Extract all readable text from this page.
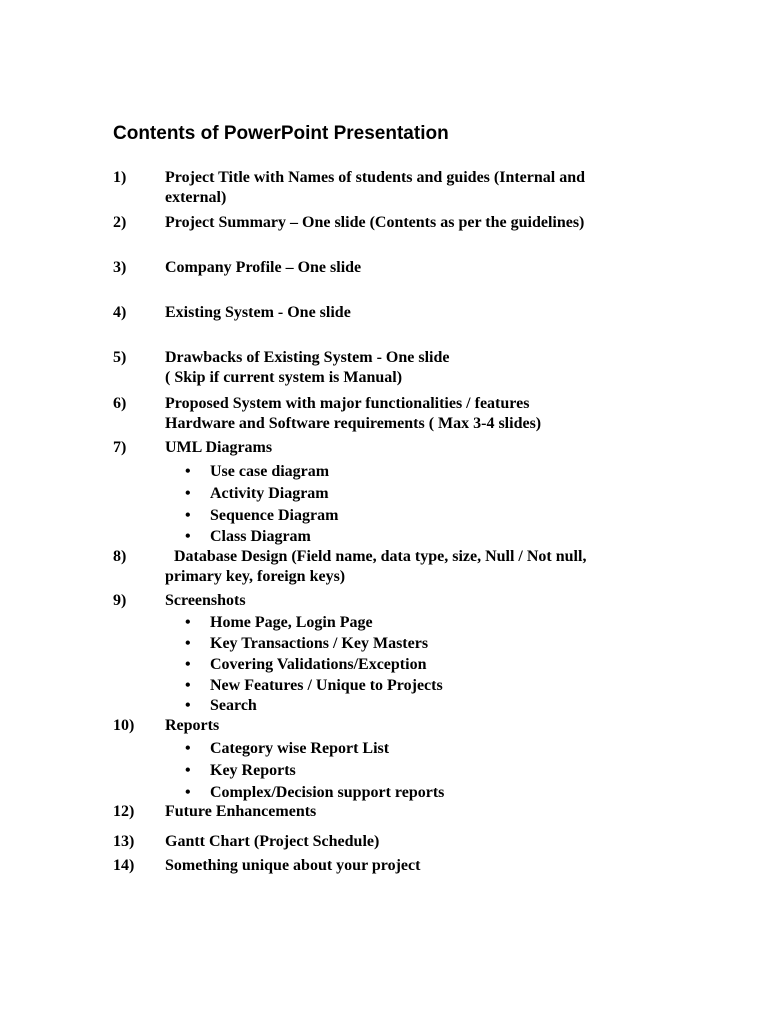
Contents of PowerPoint Presentation
1) Project Title with Names of students and guides (Internal and
external)
2) Project Summary – One slide (Contents as per the guidelines)
3) Company Profile – One slide
4) Existing System - One slide
5) Drawbacks of Existing System - One slide
( Skip if current system is Manual)
6) Proposed System with major functionalities / features
Hardware and Software requirements ( Max 3-4 slides)
7) UML Diagrams
• Use case diagram
• Activity Diagram
• Sequence Diagram
• Class Diagram
8)	Database Design (Field name, data type, size, Null / Not null,
primary key, foreign keys)
9) Screenshots
• Home Page, Login Page
• Key Transactions / Key Masters
• Covering Validations/Exception
• New Features / Unique to Projects
• Search
10) Reports
• Category wise Report List
• Key Reports
• Complex/Decision support reports
12) Future Enhancements
13) Gantt Chart (Project Schedule)
14) Something unique about your project
